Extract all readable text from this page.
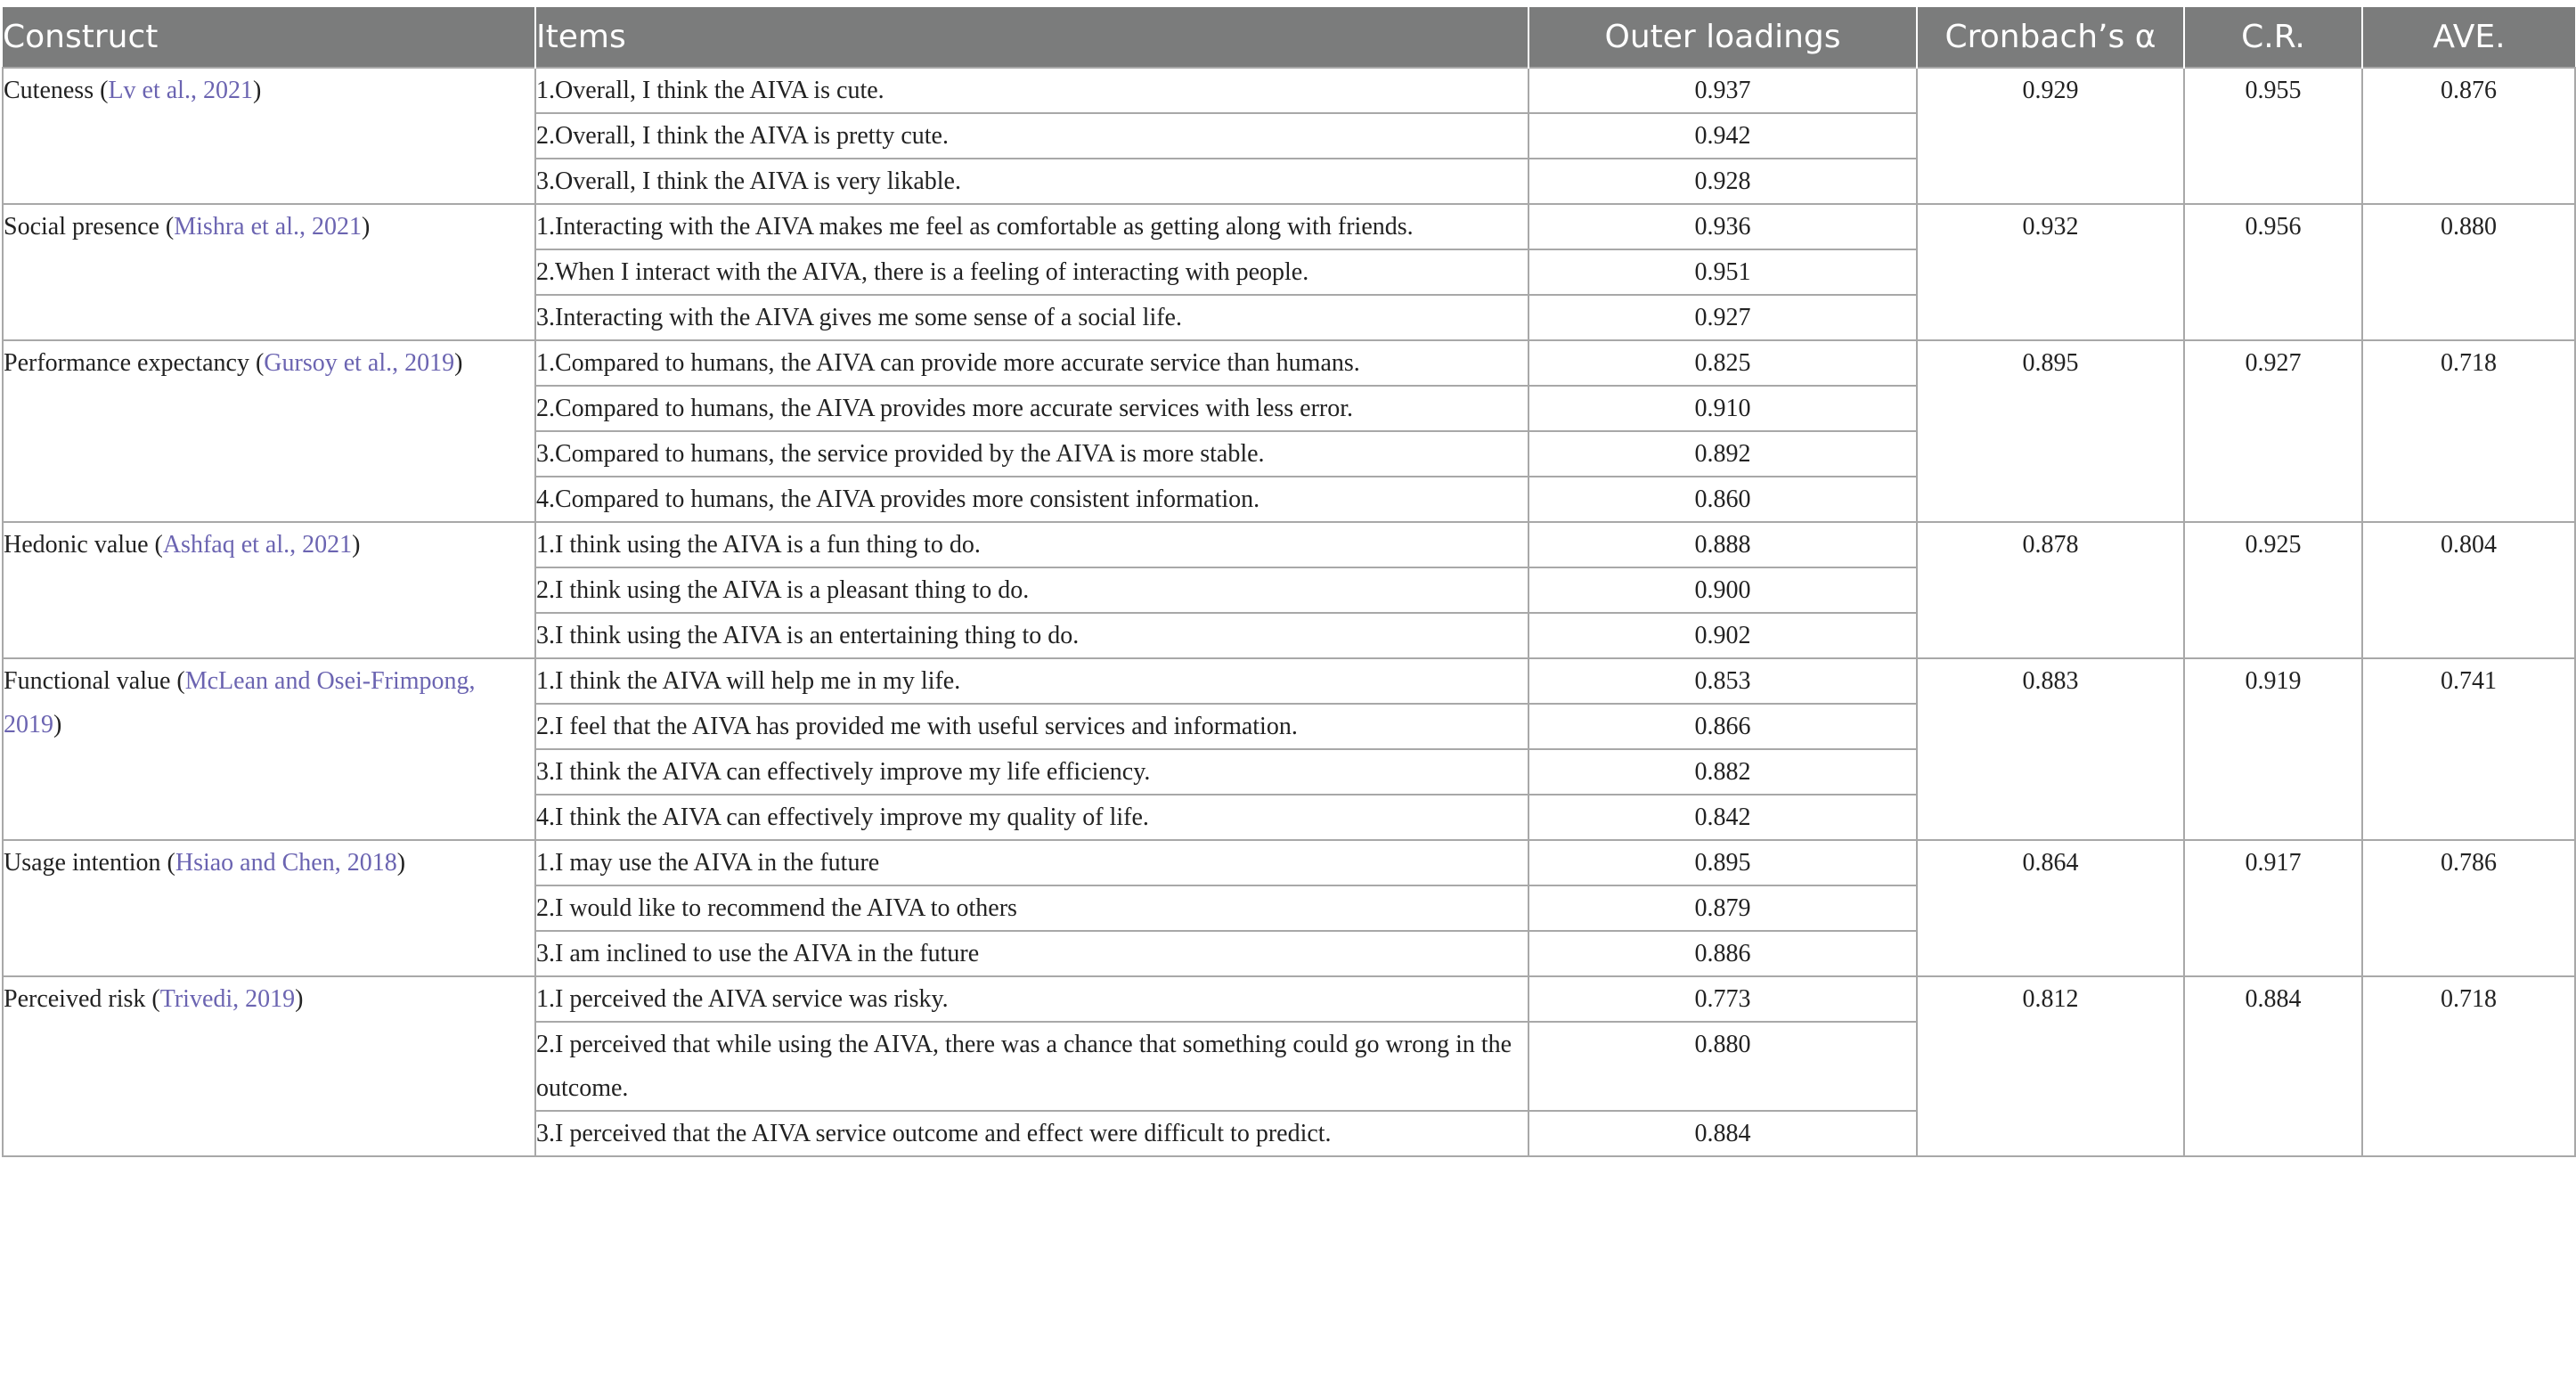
Construct	Items	Outer loadings	Cronbach’s α	C.R.	AVE.
Cuteness (Lv et al., 2021)	1.Overall, I think the AIVA is cute.	0.937	0.929	0.955	0.876
	2.Overall, I think the AIVA is pretty cute.	0.942			
	3.Overall, I think the AIVA is very likable.	0.928			
Social presence (Mishra et al., 2021)	1.Interacting with the AIVA makes me feel as comfortable as getting along with friends.	0.936	0.932	0.956	0.880
	2.When I interact with the AIVA, there is a feeling of interacting with people.	0.951			
	3.Interacting with the AIVA gives me some sense of a social life.	0.927			
Performance expectancy (Gursoy et al., 2019)	1.Compared to humans, the AIVA can provide more accurate service than humans.	0.825	0.895	0.927	0.718
	2.Compared to humans, the AIVA provides more accurate services with less error.	0.910			
	3.Compared to humans, the service provided by the AIVA is more stable.	0.892			
	4.Compared to humans, the AIVA provides more consistent information.	0.860			
Hedonic value (Ashfaq et al., 2021)	1.I think using the AIVA is a fun thing to do.	0.888	0.878	0.925	0.804
	2.I think using the AIVA is a pleasant thing to do.	0.900			
	3.I think using the AIVA is an entertaining thing to do.	0.902			
Functional value (McLean and Osei-Frimpong, 2019)	1.I think the AIVA will help me in my life.	0.853	0.883	0.919	0.741
	2.I feel that the AIVA has provided me with useful services and information.	0.866			
	3.I think the AIVA can effectively improve my life efficiency.	0.882			
	4.I think the AIVA can effectively improve my quality of life.	0.842			
Usage intention (Hsiao and Chen, 2018)	1.I may use the AIVA in the future	0.895	0.864	0.917	0.786
	2.I would like to recommend the AIVA to others	0.879			
	3.I am inclined to use the AIVA in the future	0.886			
Perceived risk (Trivedi, 2019)	1.I perceived the AIVA service was risky.	0.773	0.812	0.884	0.718
	2.I perceived that while using the AIVA, there was a chance that something could go wrong in the outcome.	0.880			
	3.I perceived that the AIVA service outcome and effect were difficult to predict.	0.884			
